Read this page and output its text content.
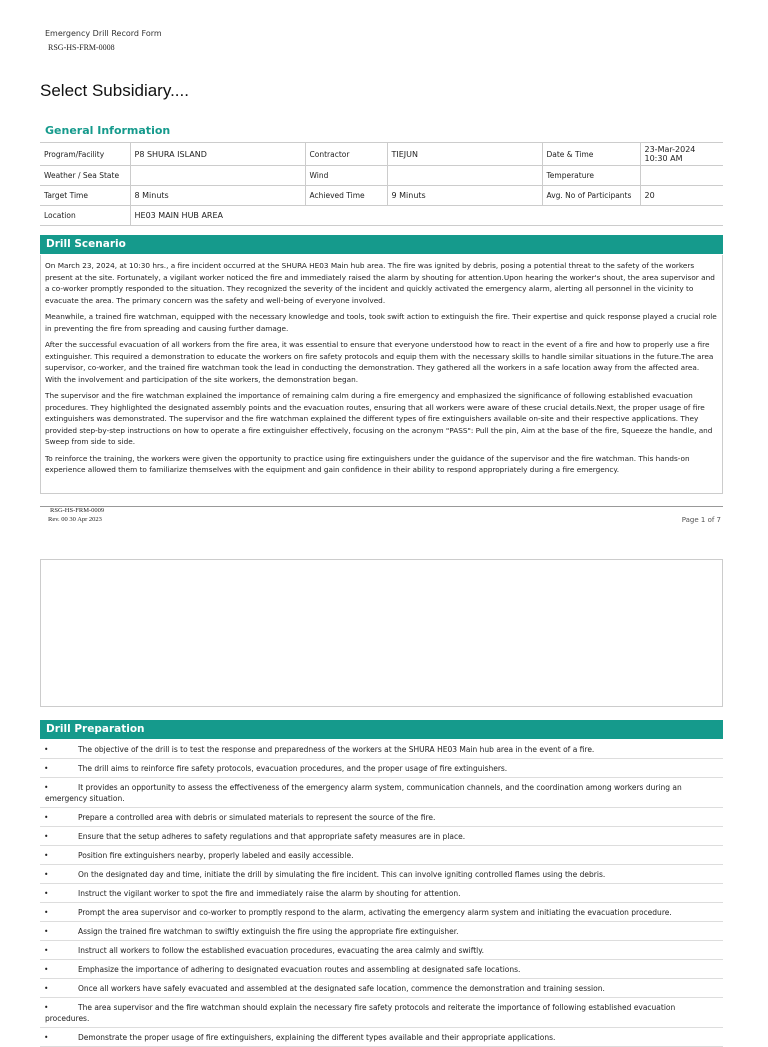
Emergency Drill Record Form
RSG-HS-FRM-0008
Select Subsidiary....
General Information
Program/Facility	P8 SHURA ISLAND	Contractor	TIEJUN	Date & Time	23-Mar-2024 10:30 AM
Weather / Sea State		Wind		Temperature	
Target Time	8 Minuts	Achieved Time	9 Minuts	Avg. No of Participants	20
Location	HE03 MAIN HUB AREA				
Drill Scenario

On March 23, 2024, at 10:30 hrs., a fire incident occurred at the SHURA HE03 Main hub area. The fire was ignited by debris, posing a potential threat to the safety of the workers present at the site. Fortunately, a vigilant worker noticed the fire and immediately raised the alarm by shouting for attention.Upon hearing the worker's shout, the area supervisor and a co-worker promptly responded to the situation. They recognized the severity of the incident and quickly activated the emergency alarm, alerting all personnel in the vicinity to evacuate the area. The primary concern was the safety and well-being of everyone involved.

Meanwhile, a trained fire watchman, equipped with the necessary knowledge and tools, took swift action to extinguish the fire. Their expertise and quick response played a crucial role in preventing the fire from spreading and causing further damage.

After the successful evacuation of all workers from the fire area, it was essential to ensure that everyone understood how to react in the event of a fire and how to properly use a fire extinguisher. This required a demonstration to educate the workers on fire safety protocols and equip them with the necessary skills to handle similar situations in the future.The area supervisor, co-worker, and the trained fire watchman took the lead in conducting the demonstration. They gathered all the workers in a safe location away from the affected area. With the involvement and participation of the site workers, the demonstration began.

The supervisor and the fire watchman explained the importance of remaining calm during a fire emergency and emphasized the significance of following established evacuation procedures. They highlighted the designated assembly points and the evacuation routes, ensuring that all workers were aware of these crucial details.Next, the proper usage of fire extinguishers was demonstrated. The supervisor and the fire watchman explained the different types of fire extinguishers available on-site and their respective applications. They provided step-by-step instructions on how to operate a fire extinguisher effectively, focusing on the acronym "PASS": Pull the pin, Aim at the base of the fire, Squeeze the handle, and Sweep from side to side.

To reinforce the training, the workers were given the opportunity to practice using fire extinguishers under the guidance of the supervisor and the fire watchman. This hands-on experience allowed them to familiarize themselves with the equipment and gain confidence in their ability to respond appropriately during a fire emergency.

RSG-HS-FRM-0009
Rev. 00 30 Apr 2023	Page 1 of 7
Drill Preparation
•	The objective of the drill is to test the response and preparedness of the workers at the SHURA HE03 Main hub area in the event of a fire.
•	The drill aims to reinforce fire safety protocols, evacuation procedures, and the proper usage of fire extinguishers.
•	It provides an opportunity to assess the effectiveness of the emergency alarm system, communication channels, and the coordination among workers during an emergency situation.
•	Prepare a controlled area with debris or simulated materials to represent the source of the fire.
•	Ensure that the setup adheres to safety regulations and that appropriate safety measures are in place.
•	Position fire extinguishers nearby, properly labeled and easily accessible.
•	On the designated day and time, initiate the drill by simulating the fire incident. This can involve igniting controlled flames using the debris.
•	Instruct the vigilant worker to spot the fire and immediately raise the alarm by shouting for attention.
•	Prompt the area supervisor and co-worker to promptly respond to the alarm, activating the emergency alarm system and initiating the evacuation procedure.
•	Assign the trained fire watchman to swiftly extinguish the fire using the appropriate fire extinguisher.
•	Instruct all workers to follow the established evacuation procedures, evacuating the area calmly and swiftly.
•	Emphasize the importance of adhering to designated evacuation routes and assembling at designated safe locations.
•	Once all workers have safely evacuated and assembled at the designated safe location, commence the demonstration and training session.
•	The area supervisor and the fire watchman should explain the necessary fire safety protocols and reiterate the importance of following established evacuation procedures.
•	Demonstrate the proper usage of fire extinguishers, explaining the different types available and their appropriate applications.
